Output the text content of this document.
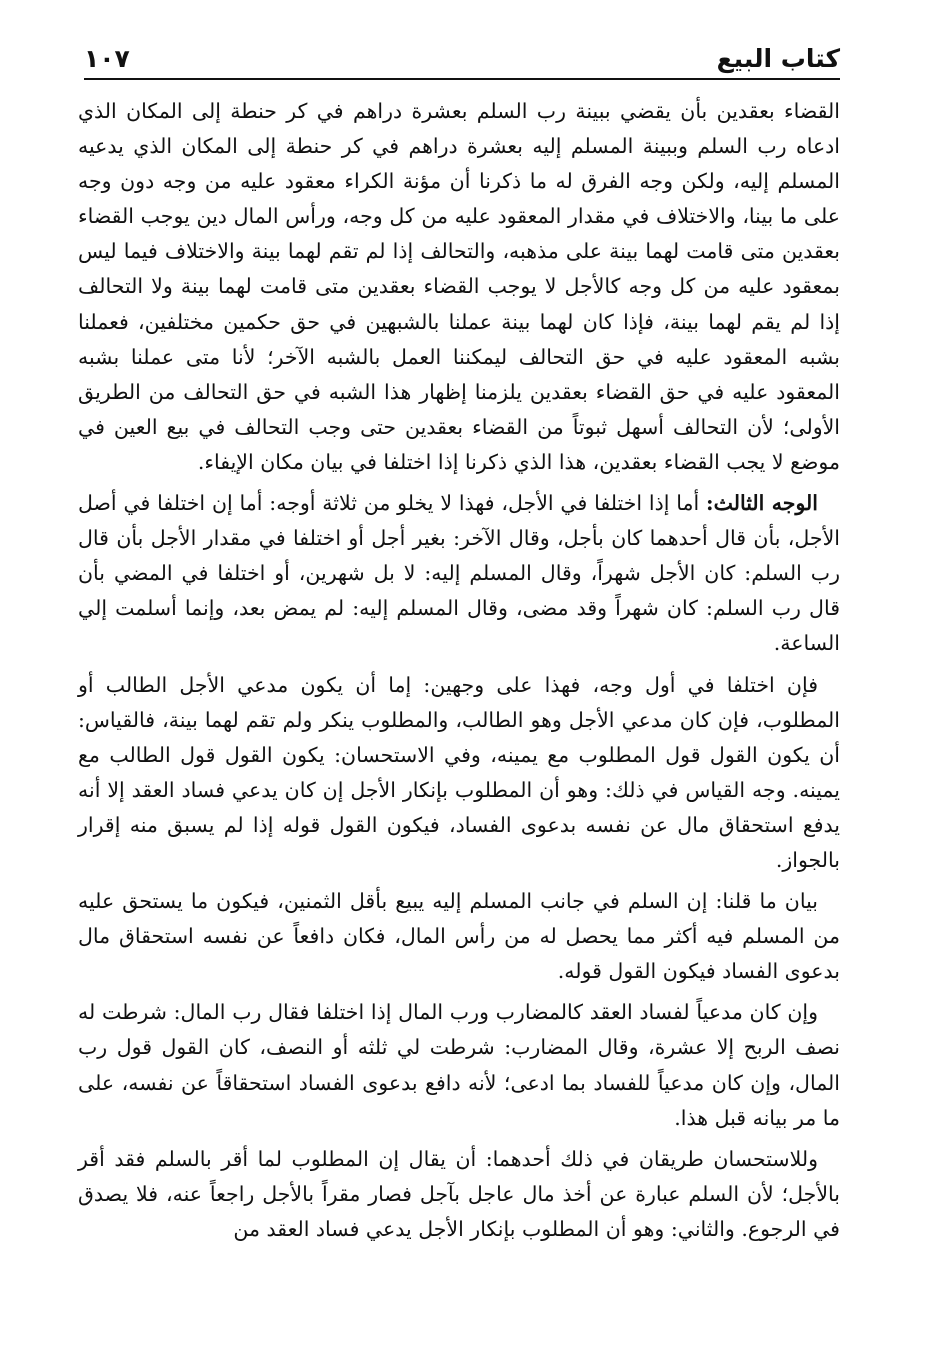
كتاب البيع
١٠٧

القضاء بعقدين بأن يقضي ببينة رب السلم بعشرة دراهم في كر حنطة إلى المكان الذي ادعاه رب السلم وببينة المسلم إليه بعشرة دراهم في كر حنطة إلى المكان الذي يدعيه المسلم إليه، ولكن وجه الفرق له ما ذكرنا أن مؤنة الكراء معقود عليه من وجه دون وجه على ما بينا، والاختلاف في مقدار المعقود عليه من كل وجه، ورأس المال دين يوجب القضاء بعقدين متى قامت لهما بينة على مذهبه، والتحالف إذا لم تقم لهما بينة والاختلاف فيما ليس بمعقود عليه من كل وجه كالأجل لا يوجب القضاء بعقدين متى قامت لهما بينة ولا التحالف إذا لم يقم لهما بينة، فإذا كان لهما بينة عملنا بالشبهين في حق حكمين مختلفين، فعملنا بشبه المعقود عليه في حق التحالف ليمكننا العمل بالشبه الآخر؛ لأنا متى عملنا بشبه المعقود عليه في حق القضاء بعقدين يلزمنا إظهار هذا الشبه في حق التحالف من الطريق الأولى؛ لأن التحالف أسهل ثبوتاً من القضاء بعقدين حتى وجب التحالف في بيع العين في موضع لا يجب القضاء بعقدين، هذا الذي ذكرنا إذا اختلفا في بيان مكان الإيفاء.

الوجه الثالث: أما إذا اختلفا في الأجل، فهذا لا يخلو من ثلاثة أوجه: أما إن اختلفا في أصل الأجل، بأن قال أحدهما كان بأجل، وقال الآخر: بغير أجل أو اختلفا في مقدار الأجل بأن قال رب السلم: كان الأجل شهراً، وقال المسلم إليه: لا بل شهرين، أو اختلفا في المضي بأن قال رب السلم: كان شهراً وقد مضى، وقال المسلم إليه: لم يمض بعد، وإنما أسلمت إلي الساعة.

فإن اختلفا في أول وجه، فهذا على وجهين: إما أن يكون مدعي الأجل الطالب أو المطلوب، فإن كان مدعي الأجل وهو الطالب، والمطلوب ينكر ولم تقم لهما بينة، فالقياس: أن يكون القول قول المطلوب مع يمينه، وفي الاستحسان: يكون القول قول الطالب مع يمينه. وجه القياس في ذلك: وهو أن المطلوب بإنكار الأجل إن كان يدعي فساد العقد إلا أنه يدفع استحقاق مال عن نفسه بدعوى الفساد، فيكون القول قوله إذا لم يسبق منه إقرار بالجواز.

بيان ما قلنا: إن السلم في جانب المسلم إليه يبيع بأقل الثمنين، فيكون ما يستحق عليه من المسلم فيه أكثر مما يحصل له من رأس المال، فكان دافعاً عن نفسه استحقاق مال بدعوى الفساد فيكون القول قوله.

وإن كان مدعياً لفساد العقد كالمضارب ورب المال إذا اختلفا فقال رب المال: شرطت له نصف الربح إلا عشرة، وقال المضارب: شرطت لي ثلثه أو النصف، كان القول قول رب المال، وإن كان مدعياً للفساد بما ادعى؛ لأنه دافع بدعوى الفساد استحقاقاً عن نفسه، على ما مر بيانه قبل هذا.

وللاستحسان طريقان في ذلك أحدهما: أن يقال إن المطلوب لما أقر بالسلم فقد أقر بالأجل؛ لأن السلم عبارة عن أخذ مال عاجل بآجل فصار مقراً بالأجل راجعاً عنه، فلا يصدق في الرجوع. والثاني: وهو أن المطلوب بإنكار الأجل يدعي فساد العقد من
